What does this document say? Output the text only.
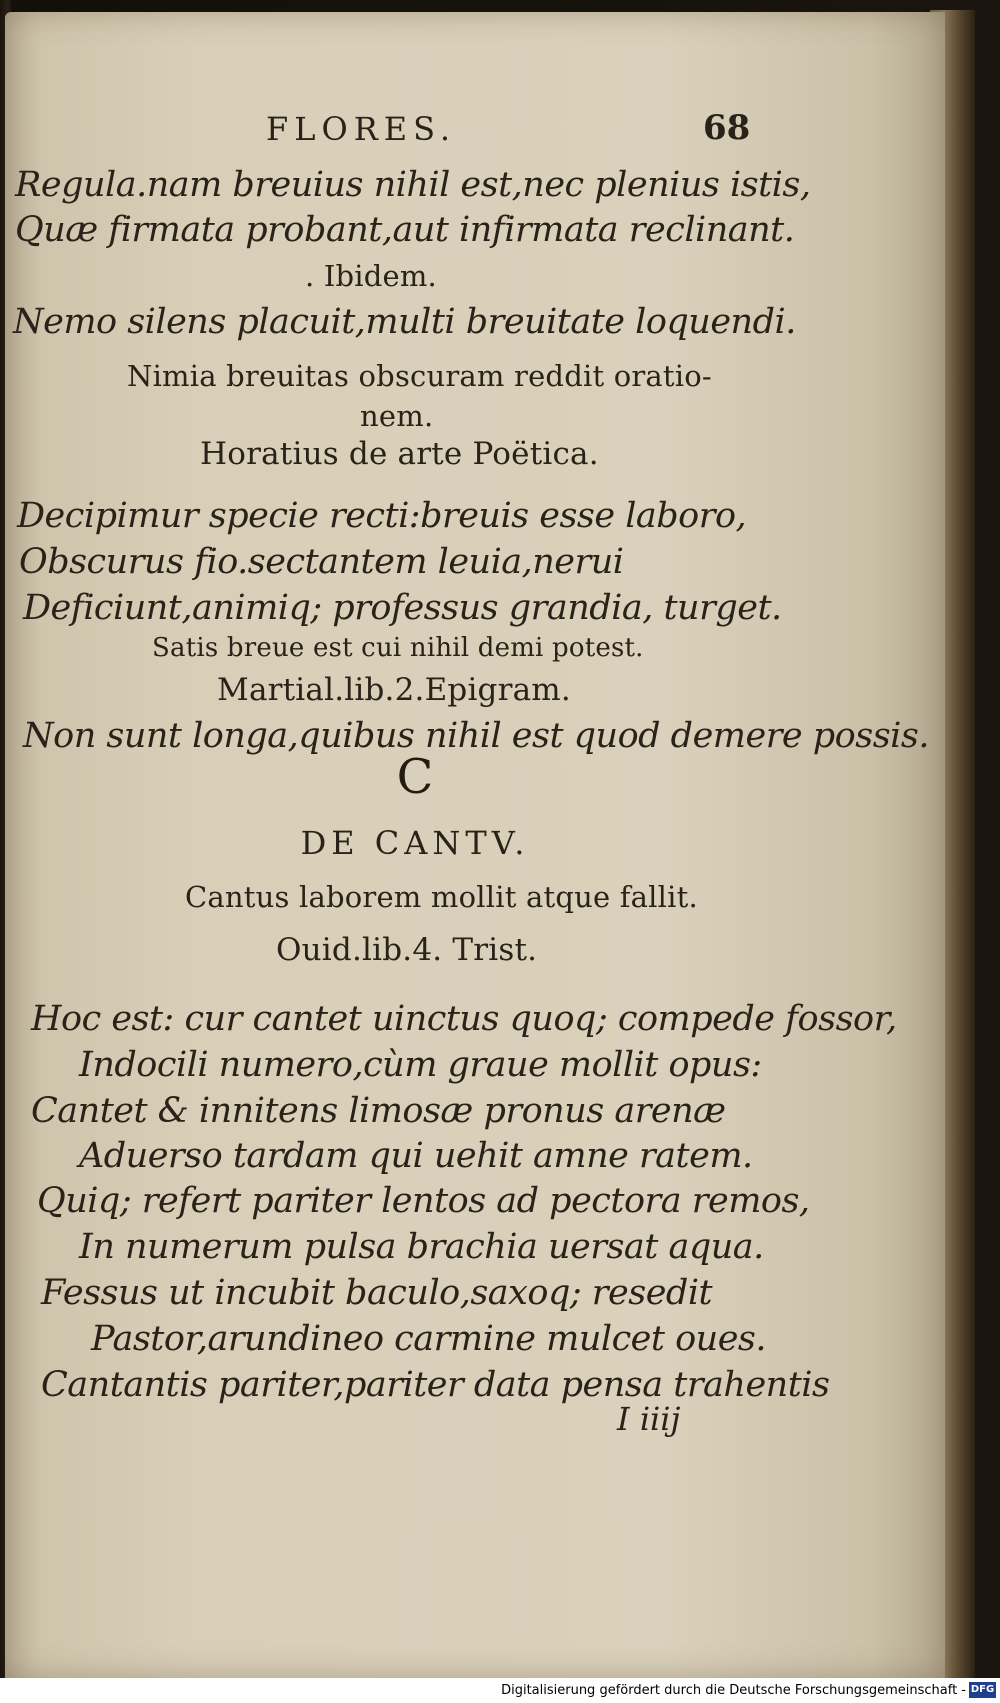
FLORES.	68
Regula.nam breuius nihil est,nec plenius istis,
Quæ firmata probant,aut infirmata reclinant.
. Ibidem.
Nemo silens placuit,multi breuitate loquendi.
Nimia breuitas obscuram reddit oratio-
nem.
Horatius de arte Poëtica.
Decipimur specie recti:breuis esse laboro,
Obscurus fio.sectantem leuia,nerui
Deficiunt,animiq; professus grandia, turget.
Satis breue est cui nihil demi potest.
Martial.lib.2.Epigram.
Non sunt longa,quibus nihil est quod demere possis.
C
DE CANTV.
Cantus laborem mollit atque fallit.
Ouid.lib.4. Trist.
Hoc est: cur cantet uinctus quoq; compede fossor,
Indocili numero,cùm graue mollit opus:
Cantet & innitens limosæ pronus arenæ
Aduerso tardam qui uehit amne ratem.
Quiq; refert pariter lentos ad pectora remos,
In numerum pulsa brachia uersat aqua.
Fessus ut incubit baculo,saxoq; resedit
Pastor,arundineo carmine mulcet oues.
Cantantis pariter,pariter data pensa trahentis
I iiij
Digitalisierung gefördert durch die Deutsche Forschungsgemeinschaft - DFG
